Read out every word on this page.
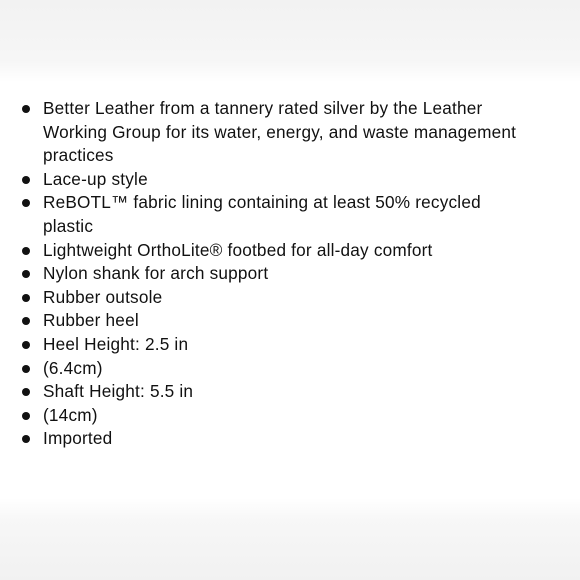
Better Leather from a tannery rated silver by the Leather Working Group for its water, energy, and waste management practices
Lace-up style
ReBOTL™ fabric lining containing at least 50% recycled plastic
Lightweight OrthoLite® footbed for all-day comfort
Nylon shank for arch support
Rubber outsole
Rubber heel
Heel Height: 2.5 in
(6.4cm)
Shaft Height: 5.5 in
(14cm)
Imported
